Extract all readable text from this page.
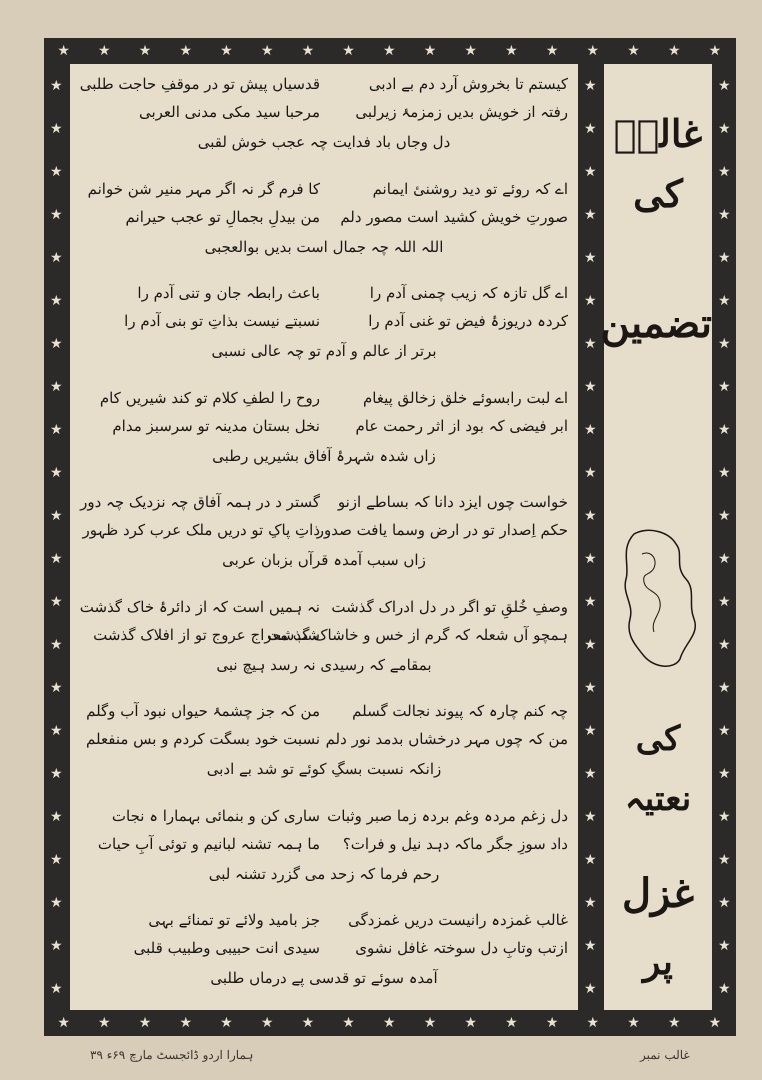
★ ★ ★ ★ ★ ★ ★ ★ ★ ★ ★ ★ ★ ★ ★ ★ ★
★ ★ ★ ★ ★ ★ ★ ★ ★ ★ ★ ★ ★ ★ ★ ★ ★
★
★
★
★
★
★
★
★
★
★
★
★
★
★
★
★
★
★
★
★
★
★
★
★
★
★
★
★
★
★
★
★
★
★
★
★
★
★
★
★
★
★
★
★
★
★
★
★
★
★
★
★
★
★
★
★
★
★
★
★
★
★
★
★
★
★
کیستم تا بخروش آرد دم بے ادبی
قدسیاں پیش تو در موقفِ حاجت طلبی
رفتہ از خویش بدیں زمزمۂ زیرلبی
مرحبا سید مکی مدنی العربی
دل وجاں باد فدایت چہ عجب خوش لقبی
اے کہ روئے تو دید روشنیٔ ایمانم
کا فرم گر نہ اگر مہر منیر شن خوانم
صورتِ خویش کشید است مصور دلم
من بیدلِ بجمالِ تو عجب حیرانم
اللہ اللہ چہ جمال است بدیں بوالعجبی
اے گل تازہ کہ زیب چمنی آدم را
باعث رابطہ جان و تنی آدم را
کردہ دریوزۂ فیض تو غنی آدم را
نسبتے نیست بذاتِ تو بنی آدم را
برتر از عالم و آدم تو چہ عالی نسبی
اے لبت رابسوئے خلق زخالق پیغام
روح را لطفِ کلام تو کند شیریں کام
ابر فیضی کہ بود از اثر رحمت عام
نخل بستان مدینہ تو سرسبز مدام
زاں شدہ شہرۂ آفاق بشیریں رطبی
خواست چوں ایزد دانا کہ بساطے ازنو
گستر د در ہمہ آفاق چہ نزدیک چہ دور
حکم اِصدار تو در ارض وسما یافت صدور
ذاتِ پاکِ تو دریں ملک عرب کرد ظہور
زاں سبب آمدہ قرآں بزبان عربی
وصفِ خُلقِ تو اگر در دل ادراک گذشت
نہ ہمیں است کہ از دائرۂ خاک گذشت
ہمچو آں شعلہ کہ گرم از خس و خاشاک گذشت
شب معراج عروج تو از افلاک گذشت
بمقامے کہ رسیدی نہ رسد ہیچ نبی
چہ کنم چارہ کہ پیوند نجالت گسلم
من کہ جز چشمۂ حیواں نبود آب وگلم
من کہ چوں مہر درخشاں بدمد نور دلم
نسبت خود بسگت کردم و بس منفعلم
زانکہ نسبت بسگِ کوئے تو شد بے ادبی
دل زغم مردہ وغم بردہ زما صبر وثبات
ساری کن و بنمائی بہمارا ہ نجات
داد سوزِ جگر ماکہ دہد نیل و فرات؟
ما ہمہ تشنہ لبانیم و توئی آبِ حیات
رحم فرما کہ زحد می گزرد تشنہ لبی
غالب غمزدہ رانیست دریں غمزدگی
جز بامید ولائے تو تمنائے بہی
ازتب وتابِ دل سوختہ غافل نشوی
سیدی انت حبیبی وطبیب قلبی
آمدہ سوئے تو قدسی پے درماں طلبی
غالبؔ کی
تضمین
کی
نعتیہ
غزل
پر
ہمارا اردو ڈائجسٹ مارچ ۶۹ء ۳۹	غالب نمبر
